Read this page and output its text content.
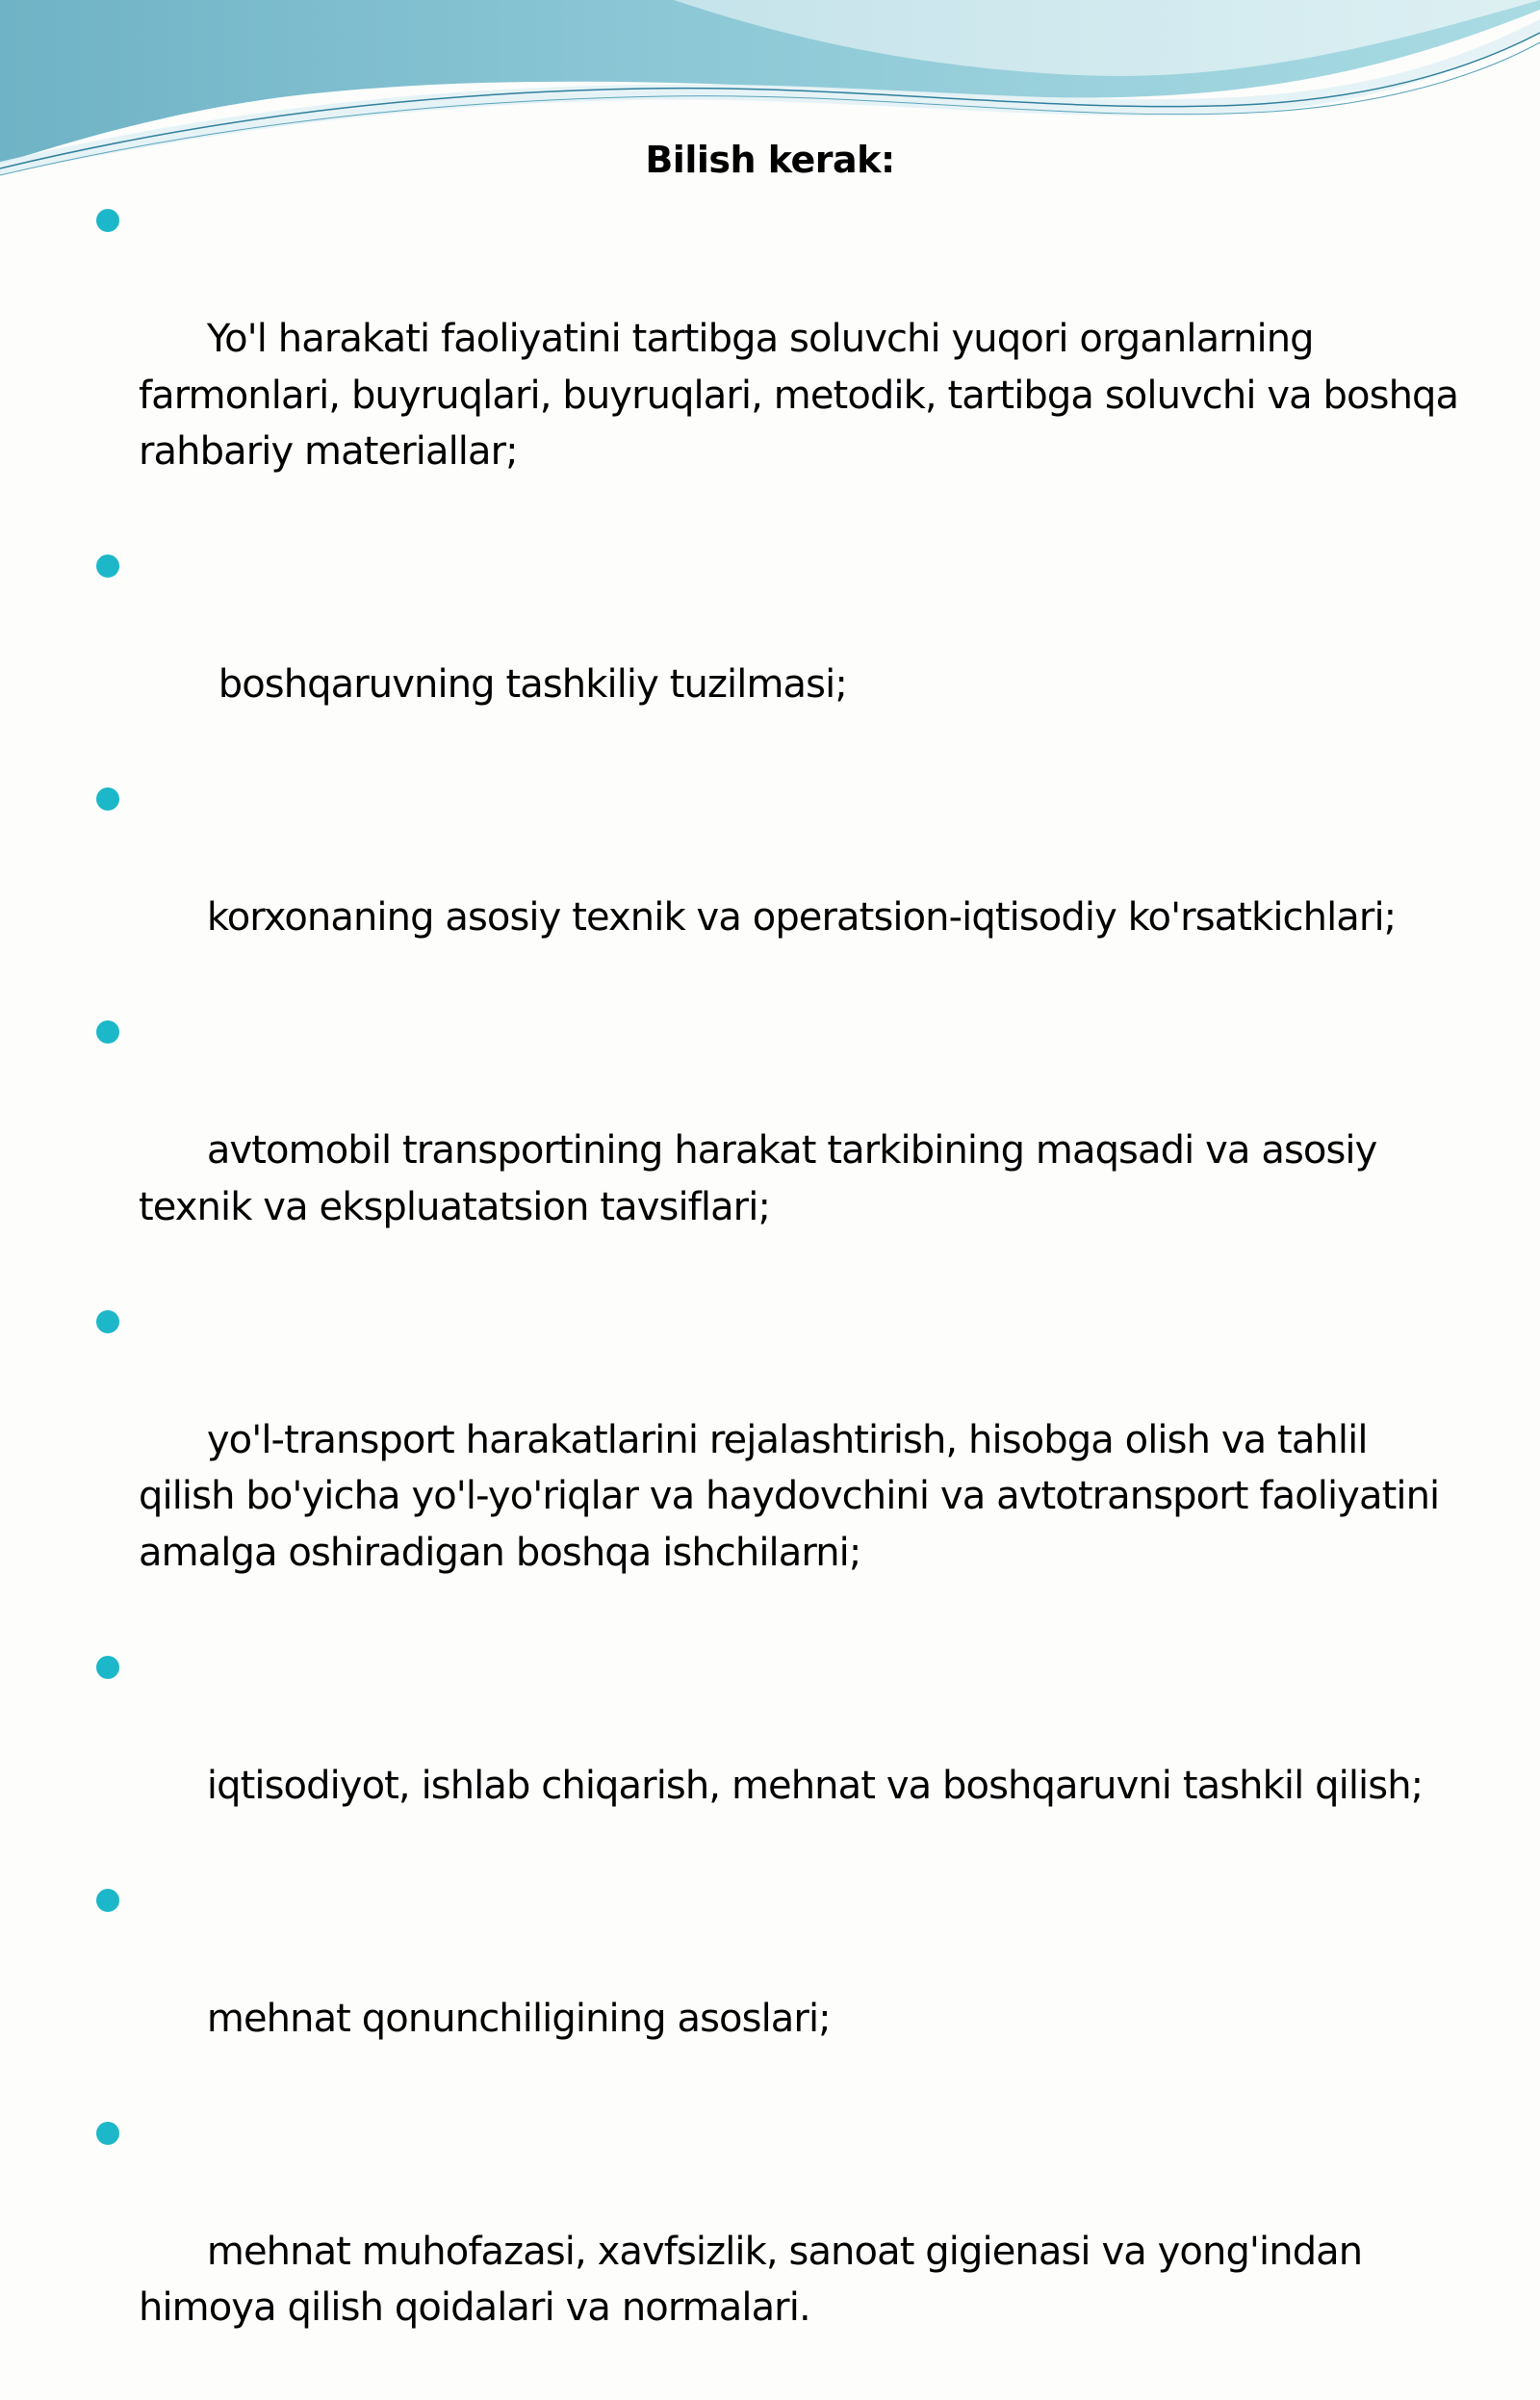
Bilish kerak:

Yo'l harakati faoliyatini tartibga soluvchi yuqori organlarning farmonlari, buyruqlari, buyruqlari, metodik, tartibga soluvchi va boshqa rahbariy materiallar;

boshqaruvning tashkiliy tuzilmasi;

korxonaning asosiy texnik va operatsion-iqtisodiy ko'rsatkichlari;

avtomobil transportining harakat tarkibining maqsadi va asosiy texnik va ekspluatatsion tavsiflari;

yo'l-transport harakatlarini rejalashtirish, hisobga olish va tahlil qilish bo'yicha yo'l-yo'riqlar va haydovchini va avtotransport faoliyatini amalga oshiradigan boshqa ishchilarni;

iqtisodiyot, ishlab chiqarish, mehnat va boshqaruvni tashkil qilish;

mehnat qonunchiligining asoslari;

mehnat muhofazasi, xavfsizlik, sanoat gigienasi va yong'indan himoya qilish qoidalari va normalari.
